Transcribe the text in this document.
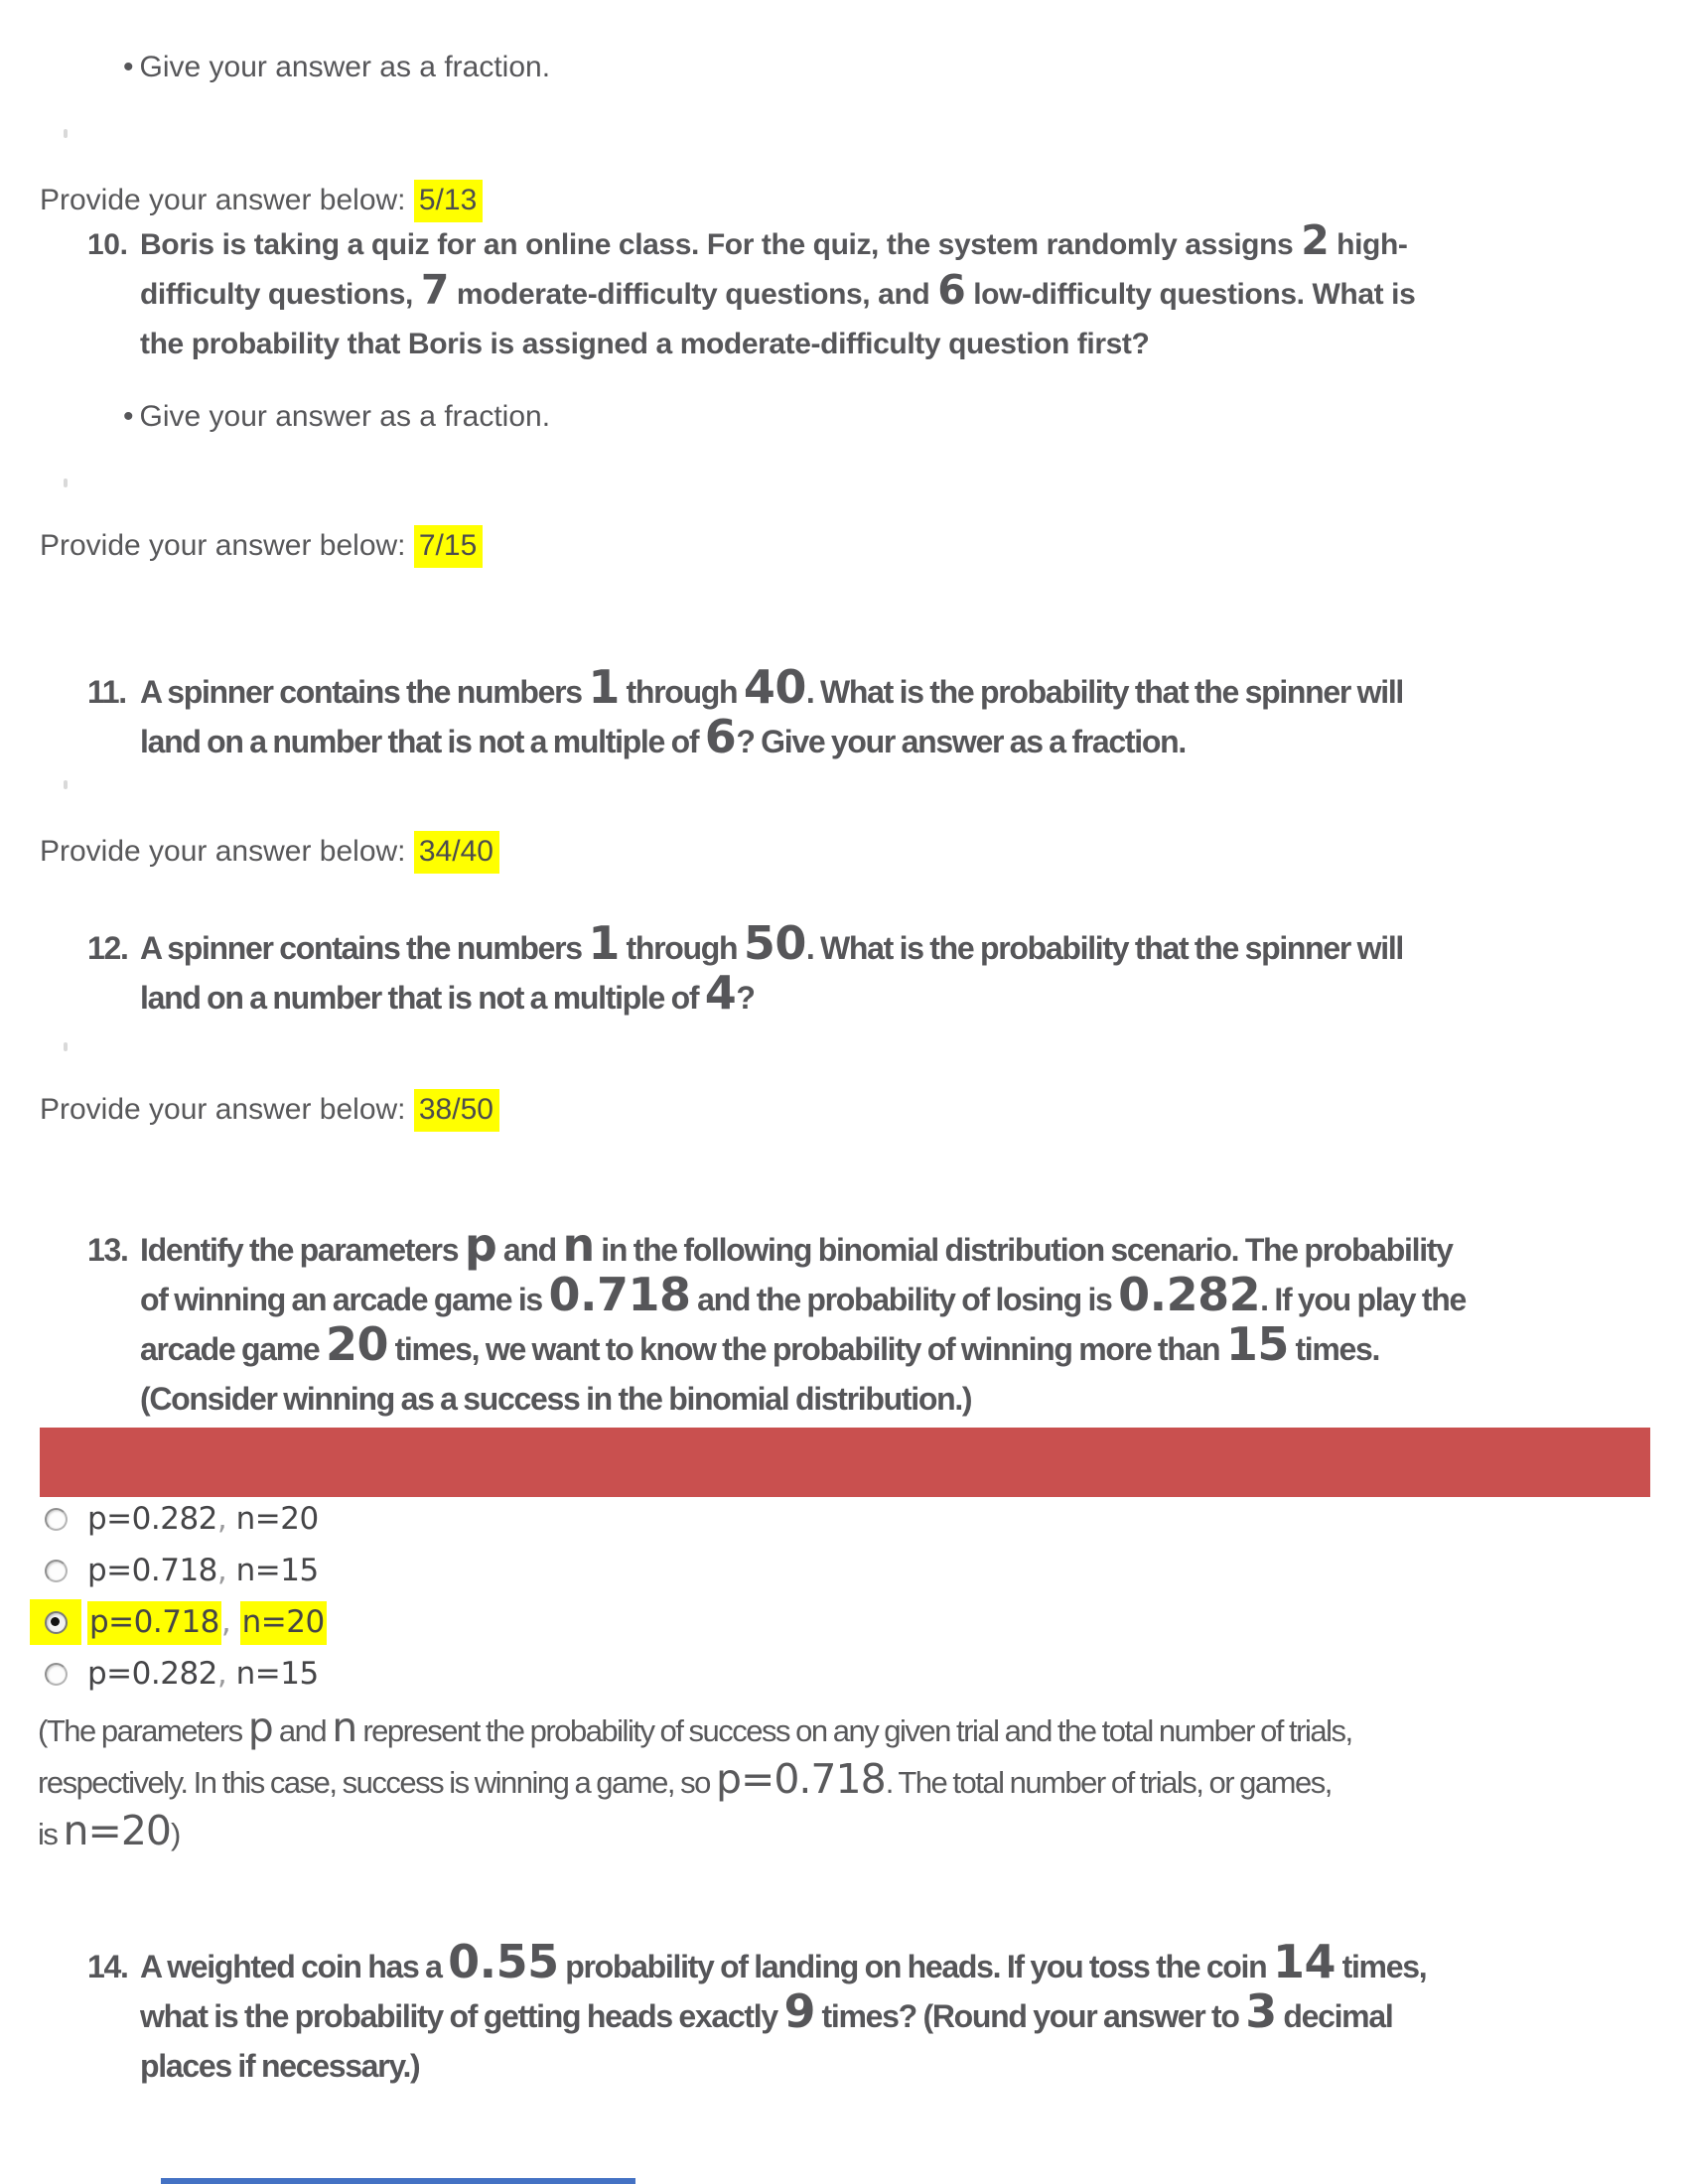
• Give your answer as a fraction.
Provide your answer below: 5/13
10. Boris is taking a quiz for an online class. For the quiz, the system randomly assigns 2 high-
difficulty questions, 7 moderate-difficulty questions, and 6 low-difficulty questions. What is
the probability that Boris is assigned a moderate-difficulty question first?
• Give your answer as a fraction.
Provide your answer below: 7/15
11. A spinner contains the numbers 1 through 40. What is the probability that the spinner will
land on a number that is not a multiple of 6? Give your answer as a fraction.
Provide your answer below: 34/40
12. A spinner contains the numbers 1 through 50. What is the probability that the spinner will
land on a number that is not a multiple of 4?
Provide your answer below: 38/50
13. Identify the parameters p and n in the following binomial distribution scenario. The probability
of winning an arcade game is 0.718 and the probability of losing is 0.282. If you play the
arcade game 20 times, we want to know the probability of winning more than 15 times.
(Consider winning as a success in the binomial distribution.)
p=0.282, n=20
p=0.718, n=15
p=0.718, n=20
p=0.282, n=15
(The parameters p and n represent the probability of success on any given trial and the total number of trials,
respectively. In this case, success is winning a game, so p=0.718. The total number of trials, or games,
is n=20)
14. A weighted coin has a 0.55 probability of landing on heads. If you toss the coin 14 times,
what is the probability of getting heads exactly 9 times? (Round your answer to 3 decimal
places if necessary.)
